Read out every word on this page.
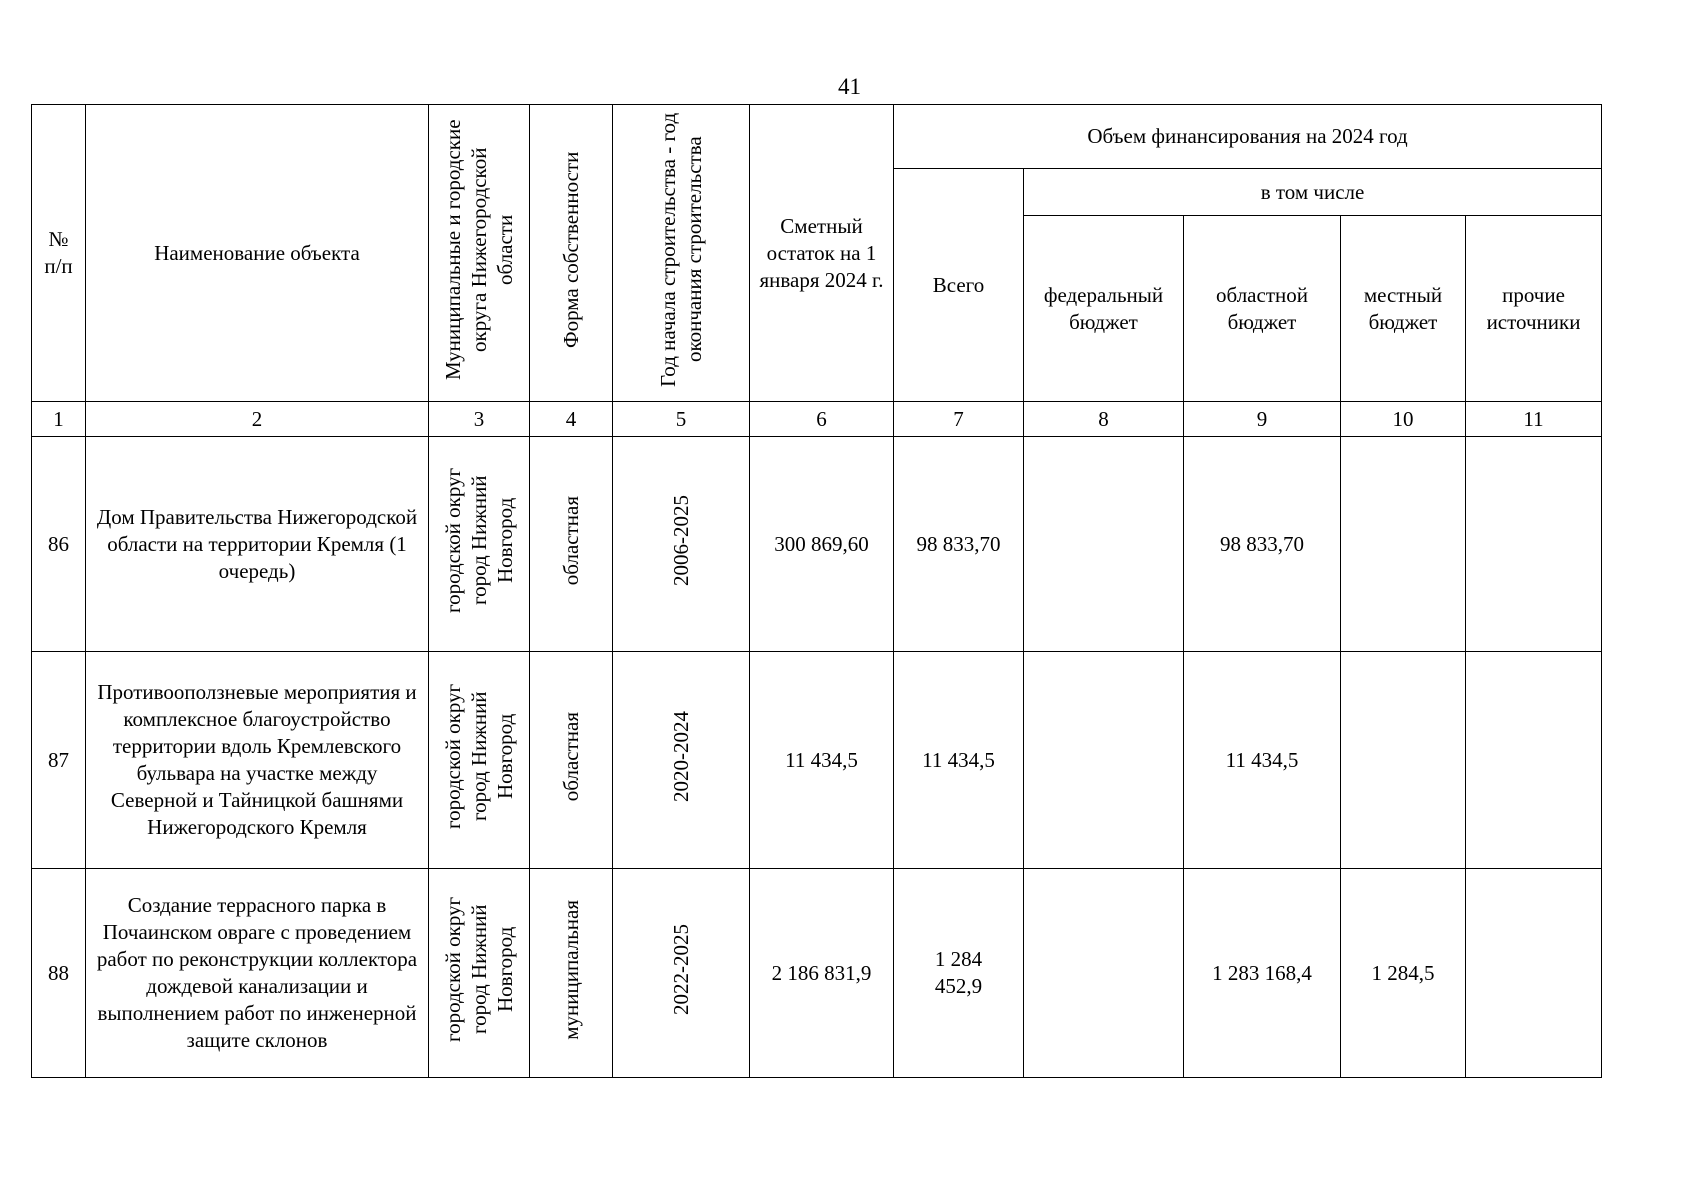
41
№ п/п	Наименование объекта	Муниципальные и городские округа Нижегородской области	Форма собственности	Год начала строительства - год окончания строительства	Сметный остаток на 1 января 2024 г.	Объем финансирования на 2024 год				
						Всего	в том числе			
							федеральный бюджет	областной бюджет	местный бюджет	прочие источники
1	2	3	4	5	6	7	8	9	10	11
86	Дом Правительства Нижегородской области на территории Кремля (1 очередь)	городской округ город Нижний Новгород	областная	2006-2025	300 869,60	98 833,70		98 833,70		
87	Противооползневые мероприятия и комплексное благоустройство территории вдоль Кремлевского бульвара на участке между Северной и Тайницкой башнями Нижегородского Кремля	городской округ город Нижний Новгород	областная	2020-2024	11 434,5	11 434,5		11 434,5		
88	Создание террасного парка в Почаинском овраге с проведением работ по реконструкции коллектора дождевой канализации и выполнением работ по инженерной защите склонов	городской округ город Нижний Новгород	муниципальная	2022-2025	2 186 831,9	1 284 452,9		1 283 168,4	1 284,5	
